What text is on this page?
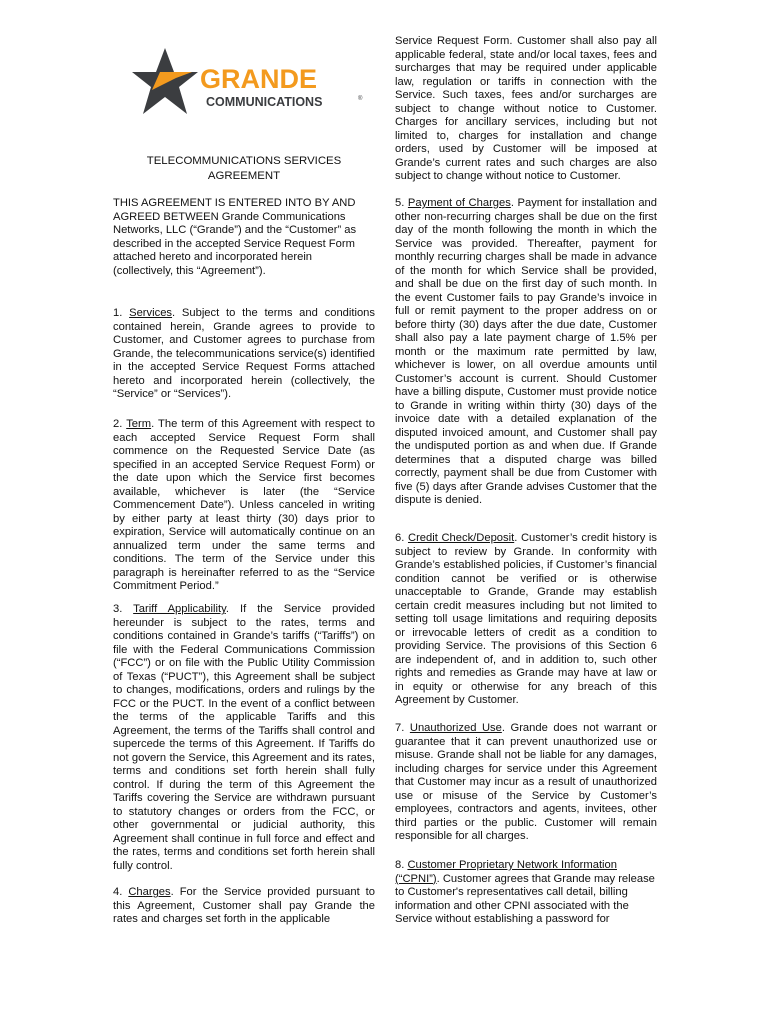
GRANDE
COMMUNICATIONS	®
TELECOMMUNICATIONS SERVICES
AGREEMENT

THIS AGREEMENT IS ENTERED INTO BY AND AGREED BETWEEN Grande Communications Networks, LLC (“Grande”) and the “Customer” as described in the accepted Service Request Form attached hereto and incorporated herein (collectively, this “Agreement”).

1. Services. Subject to the terms and conditions contained herein, Grande agrees to provide to Customer, and Customer agrees to purchase from Grande, the telecommunications service(s) identified in the accepted Service Request Forms attached hereto and incorporated herein (collectively, the “Service” or “Services”).

2. Term. The term of this Agreement with respect to each accepted Service Request Form shall commence on the Requested Service Date (as specified in an accepted Service Request Form) or the date upon which the Service first becomes available, whichever is later (the “Service Commencement Date”). Unless canceled in writing by either party at least thirty (30) days prior to expiration, Service will automatically continue on an annualized term under the same terms and conditions. The term of the Service under this paragraph is hereinafter referred to as the “Service Commitment Period.”

3. Tariff Applicability. If the Service provided hereunder is subject to the rates, terms and conditions contained in Grande’s tariffs (“Tariffs”) on file with the Federal Communications Commission (“FCC”) or on file with the Public Utility Commission of Texas (“PUCT”), this Agreement shall be subject to changes, modifications, orders and rulings by the FCC or the PUCT. In the event of a conflict between the terms of the applicable Tariffs and this Agreement, the terms of the Tariffs shall control and supercede the terms of this Agreement. If Tariffs do not govern the Service, this Agreement and its rates, terms and conditions set forth herein shall fully control. If during the term of this Agreement the Tariffs covering the Service are withdrawn pursuant to statutory changes or orders from the FCC, or other governmental or judicial authority, this Agreement shall continue in full force and effect and the rates, terms and conditions set forth herein shall fully control.

4. Charges. For the Service provided pursuant to this Agreement, Customer shall pay Grande the rates and charges set forth in the applicable

Service Request Form. Customer shall also pay all applicable federal, state and/or local taxes, fees and surcharges that may be required under applicable law, regulation or tariffs in connection with the Service. Such taxes, fees and/or surcharges are subject to change without notice to Customer. Charges for ancillary services, including but not limited to, charges for installation and change orders, used by Customer will be imposed at Grande’s current rates and such charges are also subject to change without notice to Customer.

5. Payment of Charges. Payment for installation and other non-recurring charges shall be due on the first day of the month following the month in which the Service was provided. Thereafter, payment for monthly recurring charges shall be made in advance of the month for which Service shall be provided, and shall be due on the first day of such month. In the event Customer fails to pay Grande’s invoice in full or remit payment to the proper address on or before thirty (30) days after the due date, Customer shall also pay a late payment charge of 1.5% per month or the maximum rate permitted by law, whichever is lower, on all overdue amounts until Customer’s account is current. Should Customer have a billing dispute, Customer must provide notice to Grande in writing within thirty (30) days of the invoice date with a detailed explanation of the disputed invoiced amount, and Customer shall pay the undisputed portion as and when due. If Grande determines that a disputed charge was billed correctly, payment shall be due from Customer with five (5) days after Grande advises Customer that the dispute is denied.

6. Credit Check/Deposit. Customer’s credit history is subject to review by Grande. In conformity with Grande’s established policies, if Customer’s financial condition cannot be verified or is otherwise unacceptable to Grande, Grande may establish certain credit measures including but not limited to setting toll usage limitations and requiring deposits or irrevocable letters of credit as a condition to providing Service. The provisions of this Section 6 are independent of, and in addition to, such other rights and remedies as Grande may have at law or in equity or otherwise for any breach of this Agreement by Customer.

7. Unauthorized Use. Grande does not warrant or guarantee that it can prevent unauthorized use or misuse. Grande shall not be liable for any damages, including charges for service under this Agreement that Customer may incur as a result of unauthorized use or misuse of the Service by Customer’s employees, contractors and agents, invitees, other third parties or the public. Customer will remain responsible for all charges.

8. Customer Proprietary Network Information (“CPNI”). Customer agrees that Grande may release to Customer's representatives call detail, billing information and other CPNI associated with the Service without establishing a password for
